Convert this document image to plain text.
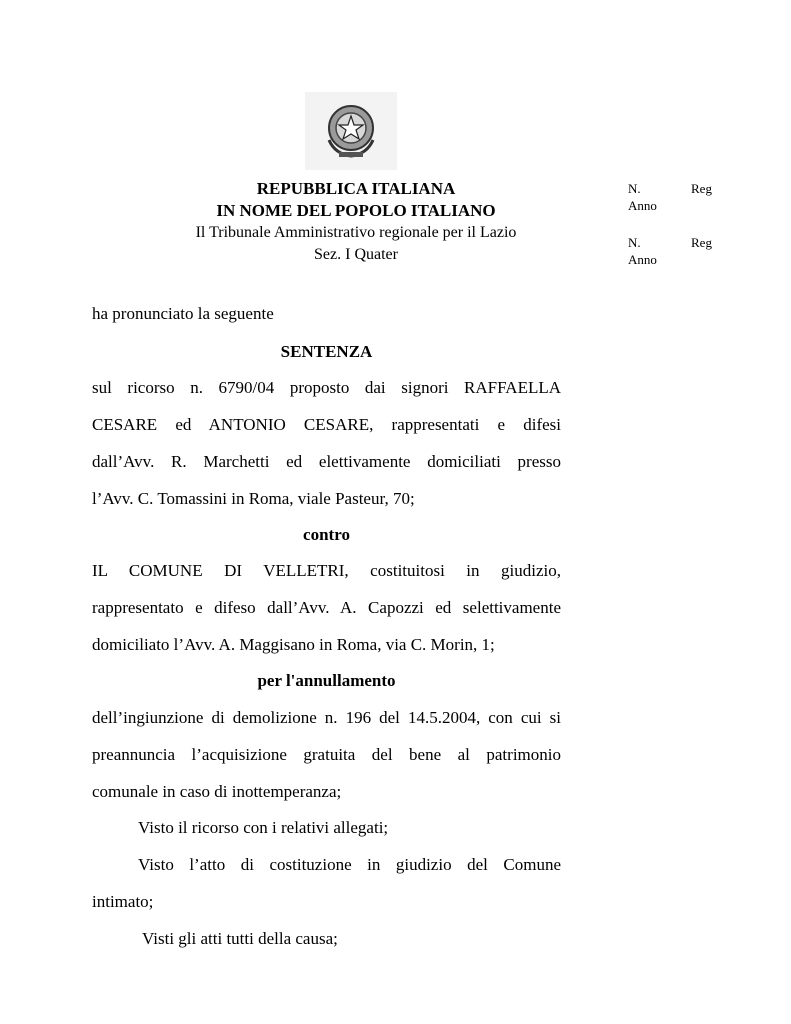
REPUBBLICA ITALIANA
IN NOME DEL POPOLO ITALIANO
Il Tribunale Amministrativo regionale per il Lazio
Sez. I Quater
N.	Reg
Anno
N.	Reg
Anno
ha pronunciato la seguente
SENTENZA
sul ricorso n. 6790/04 proposto dai signori RAFFAELLA
CESARE ed ANTONIO CESARE, rappresentati e difesi
dall’Avv. R. Marchetti ed elettivamente domiciliati presso
l’Avv. C. Tomassini in Roma, viale Pasteur, 70;
contro
IL COMUNE DI VELLETRI, costituitosi in giudizio,
rappresentato e difeso dall’Avv. A. Capozzi ed selettivamente
domiciliato l’Avv. A. Maggisano in Roma, via C. Morin, 1;
per l'annullamento
dell’ingiunzione di demolizione n. 196 del 14.5.2004, con cui si
preannuncia l’acquisizione gratuita del bene al patrimonio
comunale in caso di inottemperanza;
Visto il ricorso con i relativi allegati;
Visto l’atto di costituzione in giudizio del Comune
intimato;
Visti gli atti tutti della causa;
